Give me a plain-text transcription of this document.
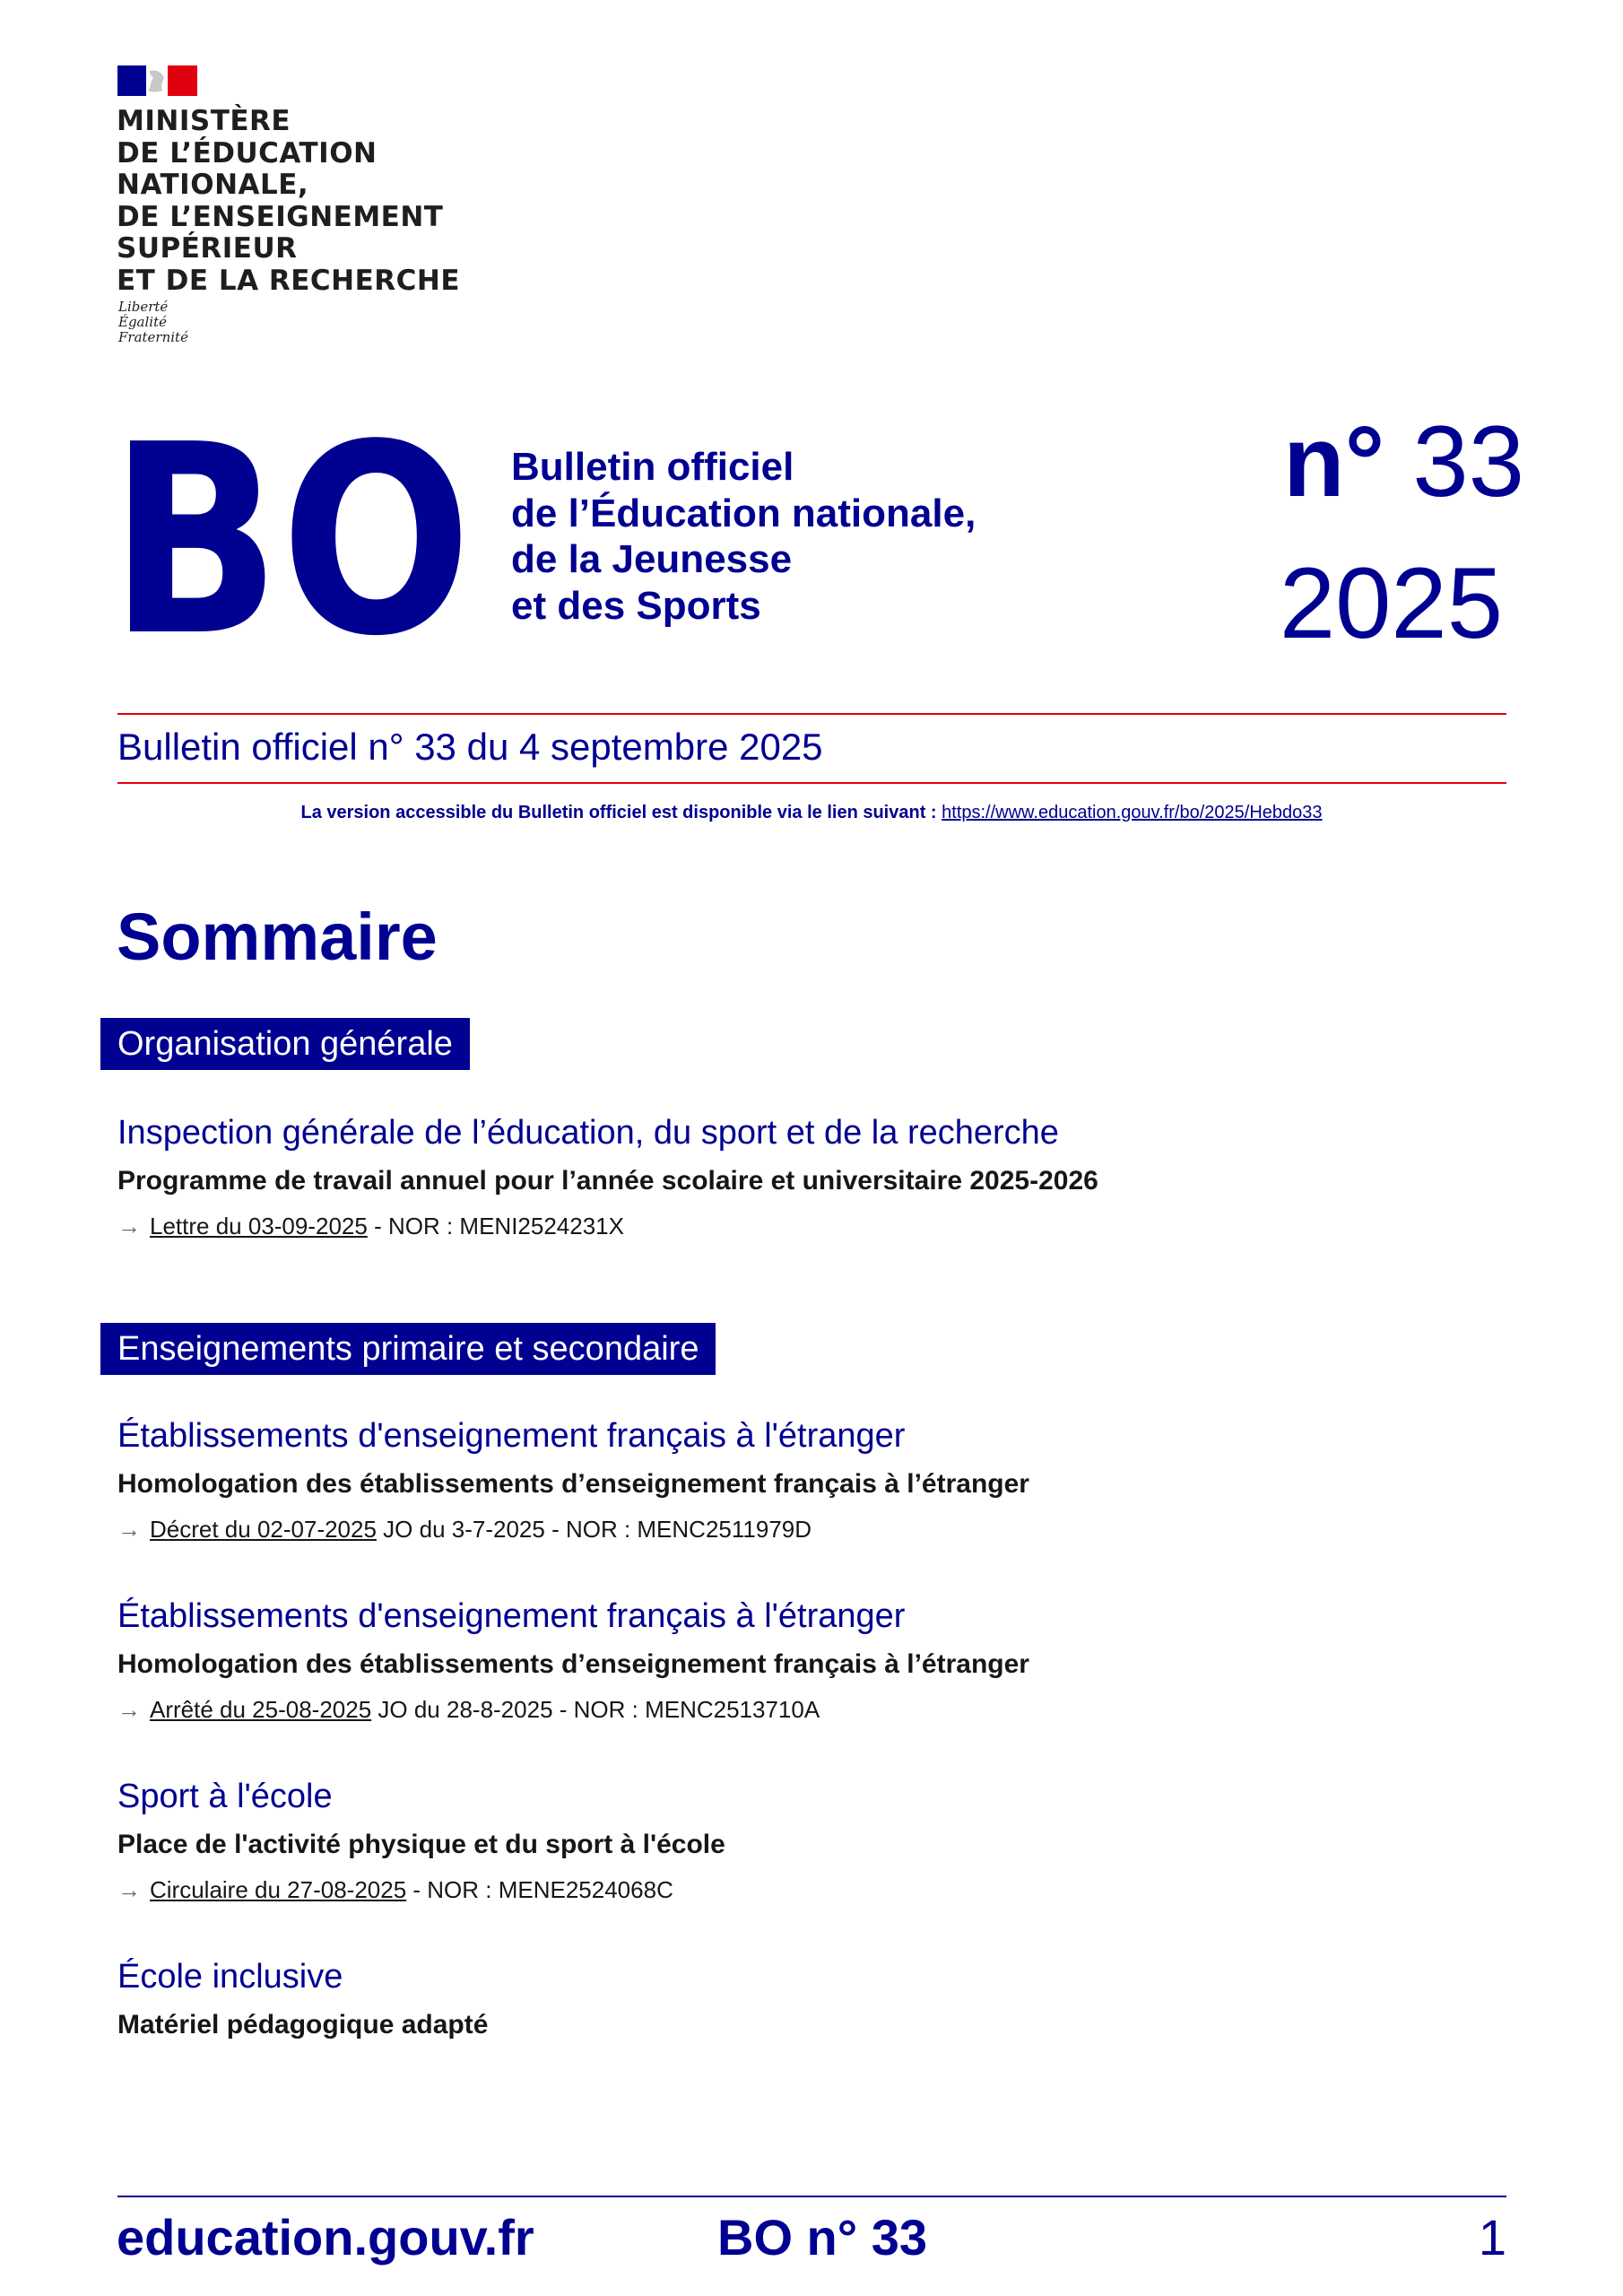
MINISTÈRE
DE L’ÉDUCATION
NATIONALE,
DE L’ENSEIGNEMENT
SUPÉRIEUR
ET DE LA RECHERCHE
Liberté
Égalité
Fraternité
BO Bulletin officiel
de l’Éducation nationale,
de la Jeunesse
et des Sports
n° 33
2025
Bulletin officiel n° 33 du 4 septembre 2025
La version accessible du Bulletin officiel est disponible via le lien suivant : https://www.education.gouv.fr/bo/2025/Hebdo33
Sommaire
Organisation générale
Inspection générale de l’éducation, du sport et de la recherche
Programme de travail annuel pour l’année scolaire et universitaire 2025-2026
→ Lettre du 03-09-2025 - NOR : MENI2524231X
Enseignements primaire et secondaire
Établissements d'enseignement français à l'étranger
Homologation des établissements d’enseignement français à l’étranger
→ Décret du 02-07-2025 JO du 3-7-2025 - NOR : MENC2511979D
Établissements d'enseignement français à l'étranger
Homologation des établissements d’enseignement français à l’étranger
→ Arrêté du 25-08-2025 JO du 28-8-2025 - NOR : MENC2513710A
Sport à l'école
Place de l'activité physique et du sport à l'école
→ Circulaire du 27-08-2025 - NOR : MENE2524068C
École inclusive
Matériel pédagogique adapté
education.gouv.fr	BO n° 33	1
